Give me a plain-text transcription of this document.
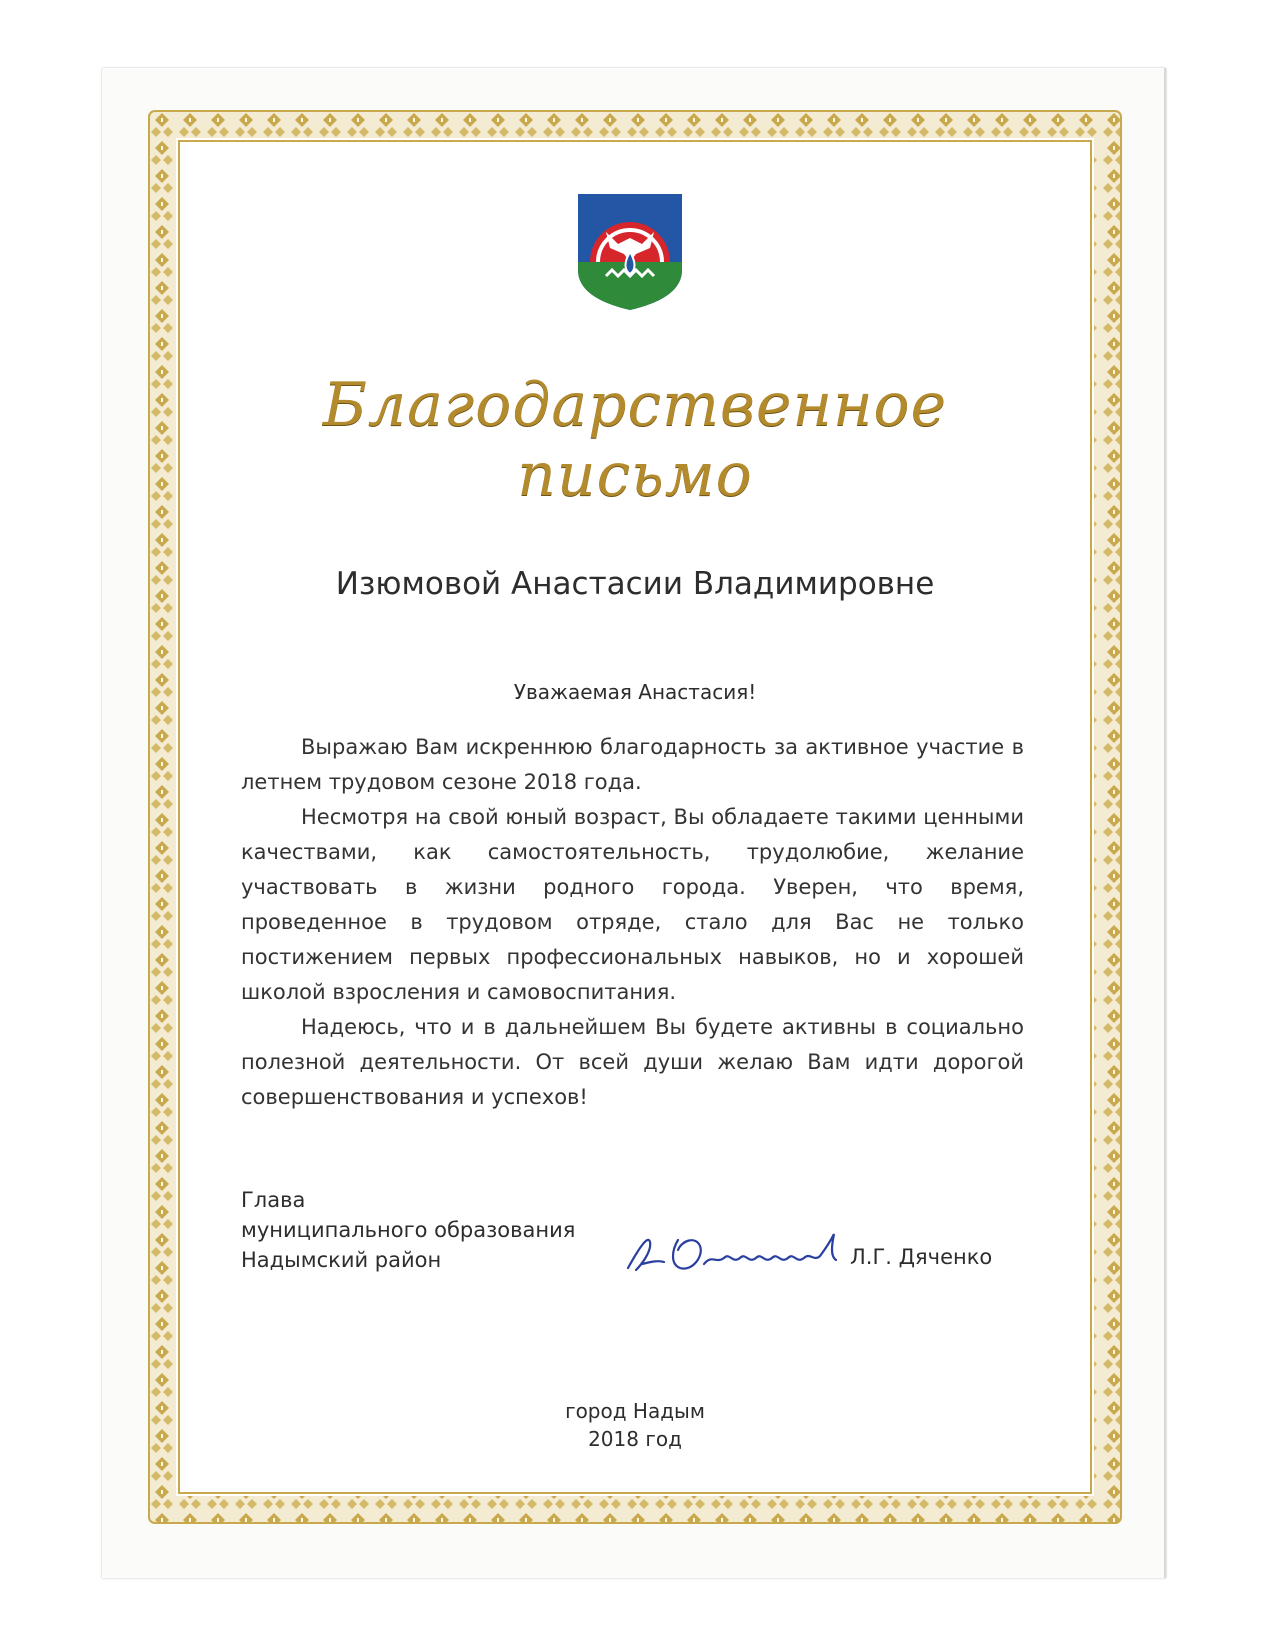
Благодарственное
письмо
Изюмовой Анастасии Владимировне
Уважаемая Анастасия!

Выражаю Вам искреннюю благодарность за активное участие в летнем трудовом сезоне 2018 года.

Несмотря на свой юный возраст, Вы обладаете такими ценными качествами, как самостоятельность, трудолюбие, желание участвовать в жизни родного города. Уверен, что время, проведенное в трудовом отряде, стало для Вас не только постижением первых профессиональных навыков, но и хорошей школой взросления и самовоспитания.

Надеюсь, что и в дальнейшем Вы будете активны в социально полезной деятельности. От всей души желаю Вам идти дорогой совершенствования и успехов!

Глава
муниципального образования
Надымский район	Л.Г. Дяченко
город Надым
2018 год
